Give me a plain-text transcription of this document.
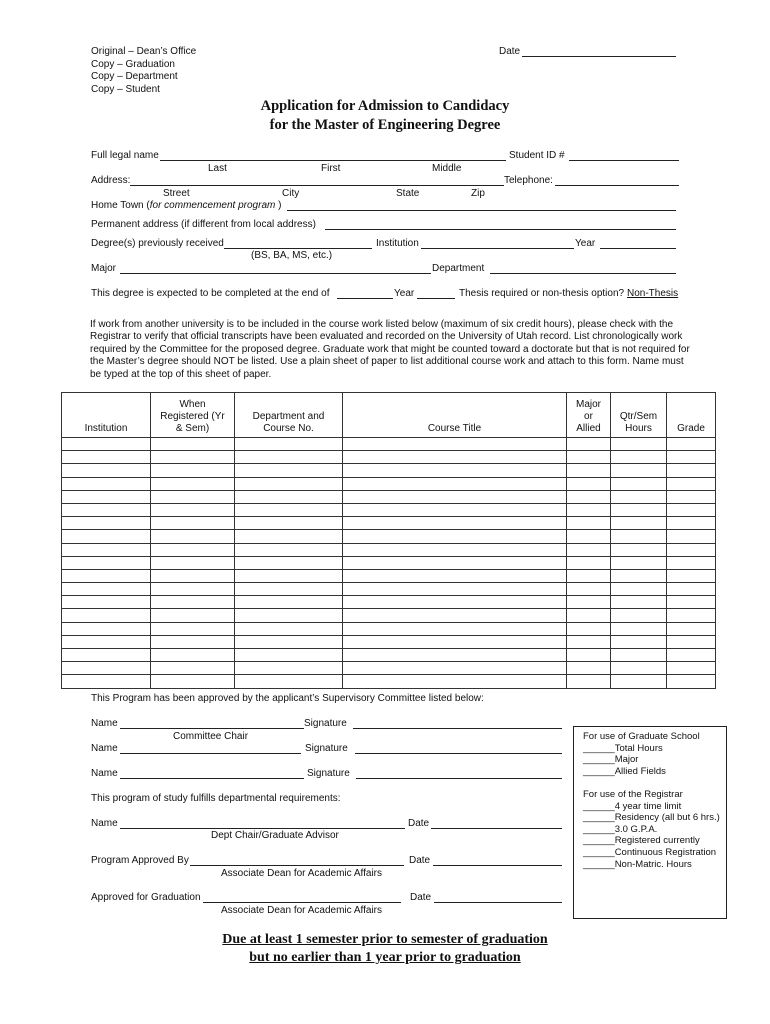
Original – Dean’s Office
Copy – Graduation
Copy – Department
Copy – Student
Date
Application for Admission to Candidacy
for the Master of Engineering Degree
Full legal name	Student ID #
Last	First	Middle
Address:	Telephone:
Street	City	State	Zip
Home Town (for commencement program )
Permanent address (if different from local address)
Degree(s) previously received	Institution	Year
(BS, BA, MS, etc.)
Major	Department
This degree is expected to be completed at the end of	Year	Thesis required or non-thesis option? Non-Thesis
If work from another university is to be included in the course work listed below (maximum of six credit hours), please check with the Registrar to verify that official transcripts have been evaluated and recorded on the University of Utah record. List chronologically work required by the Committee for the proposed degree. Graduate work that might be counted toward a doctorate but that is not required for the Master’s degree should NOT be listed. Use a plain sheet of paper to list additional course work and attach to this form. Name must be typed at the top of this sheet of paper.
Institution	When Registered (Yr & Sem)	Department and Course No.	Course Title	Major or Allied	Qtr/Sem Hours	Grade

This Program has been approved by the applicant’s Supervisory Committee listed below:
Name	Signature
Committee Chair
Name	Signature
Name	Signature
This program of study fulfills departmental requirements:
Name	Date
Dept Chair/Graduate Advisor
Program Approved By	Date
Associate Dean for Academic Affairs
Approved for Graduation	Date
Associate Dean for Academic Affairs
For use of Graduate School
______Total Hours
______Major
______Allied Fields
For use of the Registrar
______4 year time limit
______Residency (all but 6 hrs.)
______3.0 G.P.A.
______Registered currently
______Continuous Registration
______Non-Matric. Hours
Due at least 1 semester prior to semester of graduation
but no earlier than 1 year prior to graduation
